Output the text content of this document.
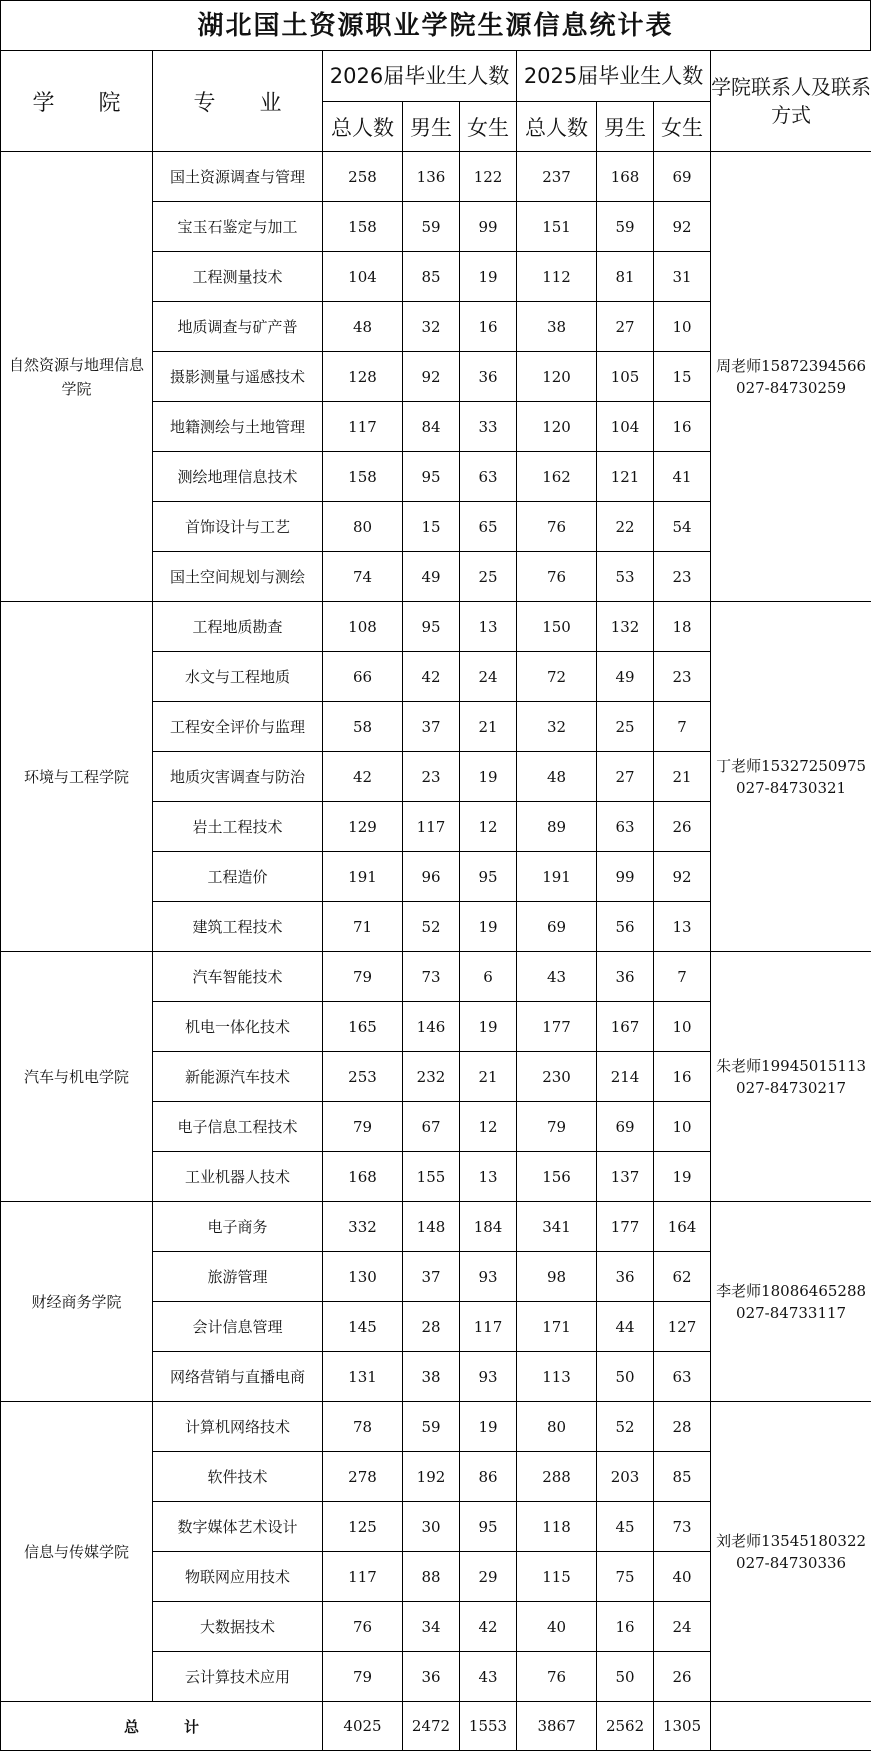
湖北国土资源职业学院生源信息统计表
学　　院	专　　业	2026届毕业生人数			2025届毕业生人数			学院联系人及联系方式
		总人数	男生	女生	总人数	男生	女生	
自然资源与地理信息学院	国土资源调查与管理	258	136	122	237	168	69	周老师15872394566
027-84730259

	宝玉石鉴定与加工	158	59	99	151	59	92	
	工程测量技术	104	85	19	112	81	31	
	地质调查与矿产普	48	32	16	38	27	10	
	摄影测量与遥感技术	128	92	36	120	105	15	
	地籍测绘与土地管理	117	84	33	120	104	16	
	测绘地理信息技术	158	95	63	162	121	41	
	首饰设计与工艺	80	15	65	76	22	54	
	国土空间规划与测绘	74	49	25	76	53	23	
环境与工程学院	工程地质勘查	108	95	13	150	132	18	丁老师15327250975
027-84730321

	水文与工程地质	66	42	24	72	49	23	
	工程安全评价与监理	58	37	21	32	25	7	
	地质灾害调查与防治	42	23	19	48	27	21	
	岩土工程技术	129	117	12	89	63	26	
	工程造价	191	96	95	191	99	92	
	建筑工程技术	71	52	19	69	56	13	
汽车与机电学院	汽车智能技术	79	73	6	43	36	7	朱老师19945015113
027-84730217

	机电一体化技术	165	146	19	177	167	10	
	新能源汽车技术	253	232	21	230	214	16	
	电子信息工程技术	79	67	12	79	69	10	
	工业机器人技术	168	155	13	156	137	19	
财经商务学院	电子商务	332	148	184	341	177	164	李老师18086465288
027-84733117

	旅游管理	130	37	93	98	36	62	
	会计信息管理	145	28	117	171	44	127	
	网络营销与直播电商	131	38	93	113	50	63	
信息与传媒学院	计算机网络技术	78	59	19	80	52	28	刘老师13545180322
027-84730336

	软件技术	278	192	86	288	203	85	
	数字媒体艺术设计	125	30	95	118	45	73	
	物联网应用技术	117	88	29	115	75	40	
	大数据技术	76	34	42	40	16	24	
	云计算技术应用	79	36	43	76	50	26	
总　　　计		4025	2472	1553	3867	2562	1305	
